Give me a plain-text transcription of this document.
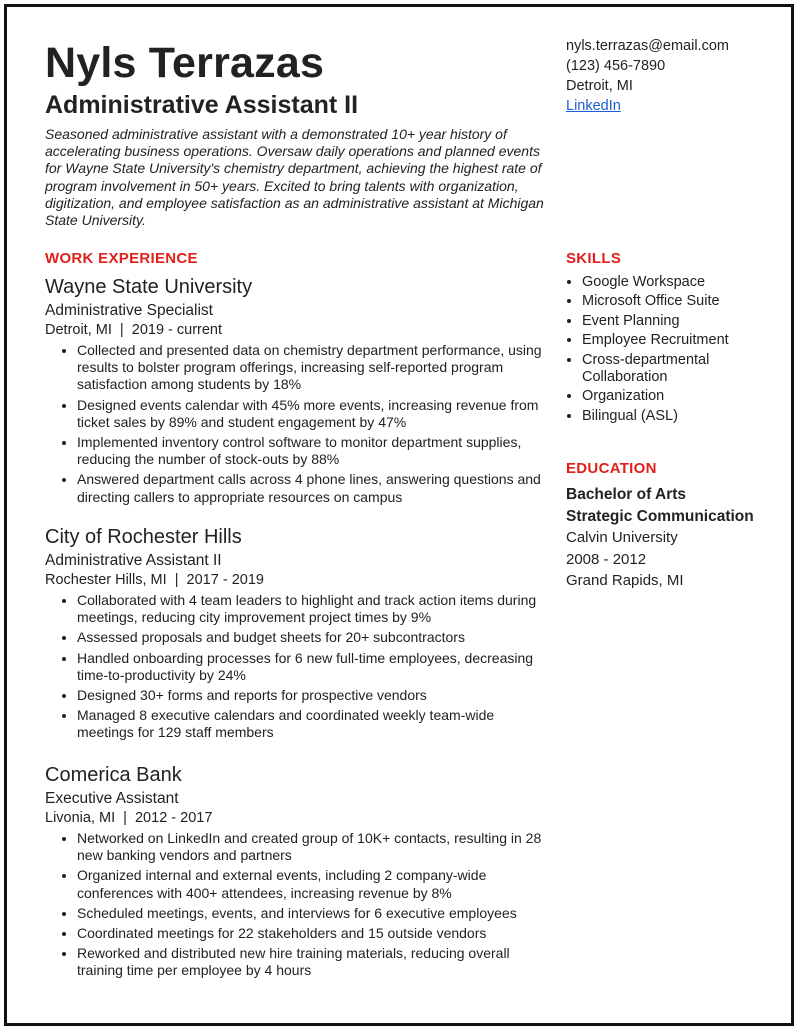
Nyls Terrazas
Administrative Assistant II
Seasoned administrative assistant with a demonstrated 10+ year history of accelerating business operations. Oversaw daily operations and planned events for Wayne State University's chemistry department, achieving the highest rate of program involvement in 50+ years. Excited to bring talents with organization, digitization, and employee satisfaction as an administrative assistant at Michigan State University.
nyls.terrazas@email.com
(123) 456-7890
Detroit, MI
LinkedIn
WORK EXPERIENCE	SKILLS
EDUCATION
Wayne State University
Administrative Specialist
Detroit, MI  |  2019 - current
• Collected and presented data on chemistry department performance, using results to bolster program offerings, increasing self-reported program satisfaction among students by 18%
• Designed events calendar with 45% more events, increasing revenue from ticket sales by 89% and student engagement by 47%
• Implemented inventory control software to monitor department supplies, reducing the number of stock-outs by 88%
• Answered department calls across 4 phone lines, answering questions and directing callers to appropriate resources on campus
City of Rochester Hills
Administrative Assistant II
Rochester Hills, MI  |  2017 - 2019
• Collaborated with 4 team leaders to highlight and track action items during meetings, reducing city improvement project times by 9%
• Assessed proposals and budget sheets for 20+ subcontractors
• Handled onboarding processes for 6 new full-time employees, decreasing time-to-productivity by 24%
• Designed 30+ forms and reports for prospective vendors
• Managed 8 executive calendars and coordinated weekly team-wide meetings for 129 staff members
Comerica Bank
Executive Assistant
Livonia, MI  |  2012 - 2017
• Networked on LinkedIn and created group of 10K+ contacts, resulting in 28 new banking vendors and partners
• Organized internal and external events, including 2 company-wide conferences with 400+ attendees, increasing revenue by 8%
• Scheduled meetings, events, and interviews for 6 executive employees
• Coordinated meetings for 22 stakeholders and 15 outside vendors
• Reworked and distributed new hire training materials, reducing overall training time per employee by 4 hours
• Google Workspace
• Microsoft Office Suite
• Event Planning
• Employee Recruitment
• Cross-departmental Collaboration
• Organization
• Bilingual (ASL)
Bachelor of Arts
Strategic Communication
Calvin University
2008 - 2012
Grand Rapids, MI
